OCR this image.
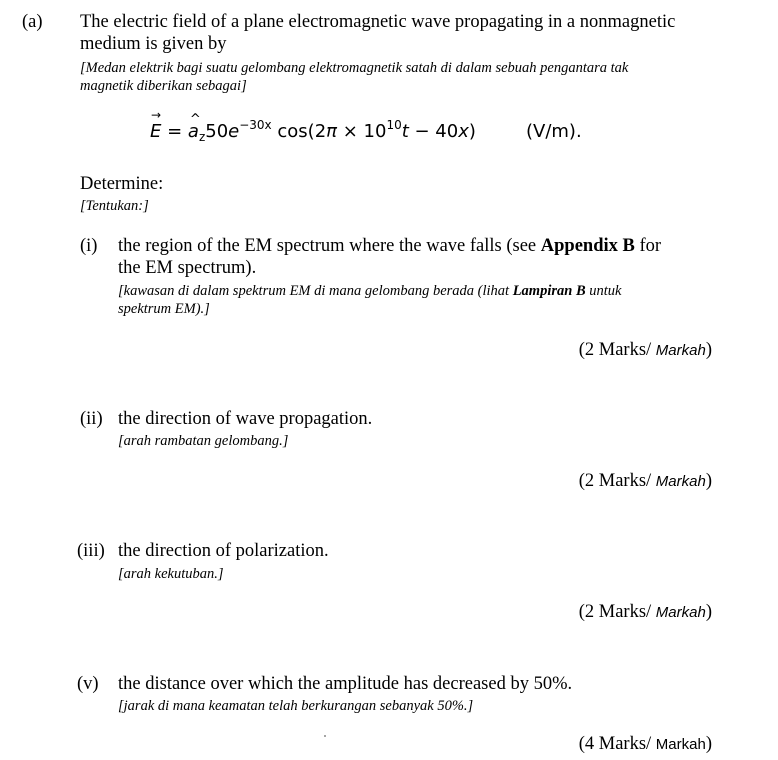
(a) The electric field of a plane electromagnetic wave propagating in a nonmagnetic
medium is given by
[Medan elektrik bagi suatu gelombang elektromagnetik satah di dalam sebuah pengantara tak
magnetik diberikan sebagai]
→ E = ^ $a_z50e^{-30x}$ $\cos(2\pi \times 10^{10}t - 40x)$	(V/m).
Determine:
[Tentukan:]
(i) the region of the EM spectrum where the wave falls (see Appendix B for
the EM spectrum).
[kawasan di dalam spektrum EM di mana gelombang berada (lihat Lampiran B untuk
spektrum EM).]
(2 Marks/ Markah)
(ii) the direction of wave propagation.
[arah rambatan gelombang.]
(2 Marks/ Markah)
(iii) the direction of polarization.
[arah kekutuban.]
(2 Marks/ Markah)
(v) the distance over which the amplitude has decreased by 50%.
[jarak di mana keamatan telah berkurangan sebanyak 50%.]
(4 Marks/ Markah)
